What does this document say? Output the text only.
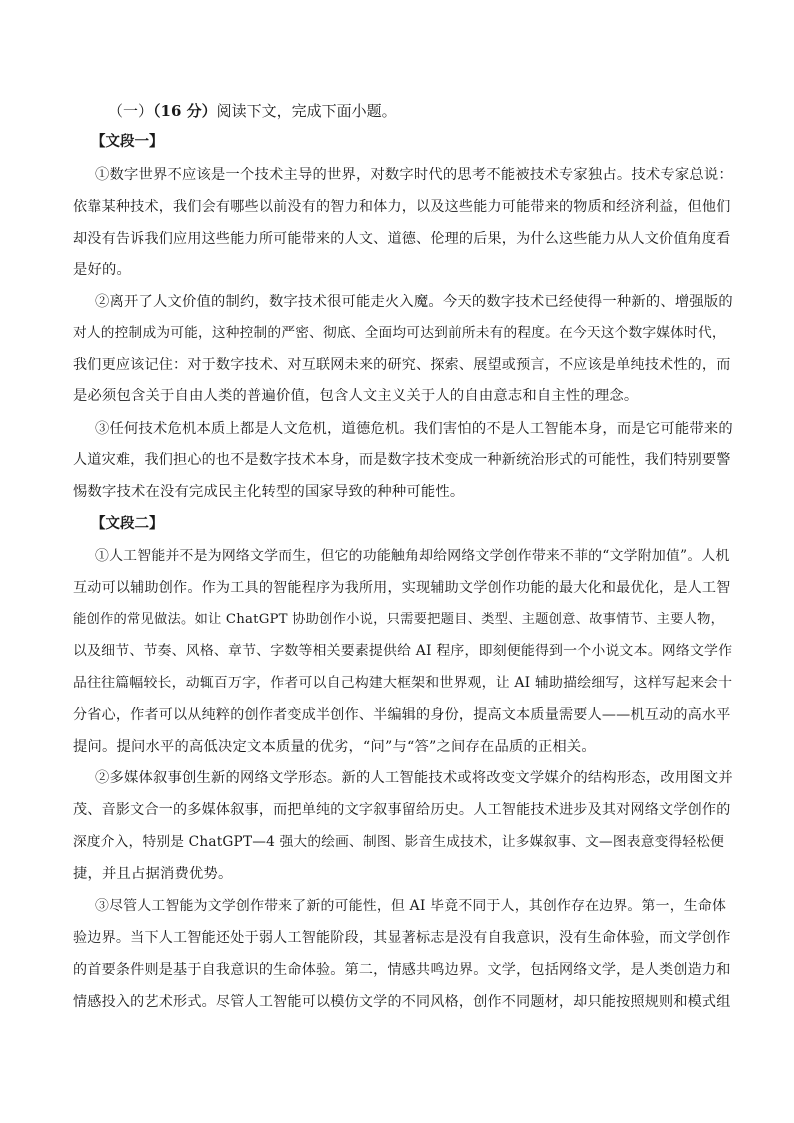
（一）（16 分）阅读下文，完成下面小题。
【文段一】
①数字世界不应该是一个技术主导的世界，对数字时代的思考不能被技术专家独占。技术专家总说：
依靠某种技术，我们会有哪些以前没有的智力和体力，以及这些能力可能带来的物质和经济利益，但他们
却没有告诉我们应用这些能力所可能带来的人文、道德、伦理的后果，为什么这些能力从人文价值角度看
是好的。
②离开了人文价值的制约，数字技术很可能走火入魔。今天的数字技术已经使得一种新的、增强版的
对人的控制成为可能，这种控制的严密、彻底、全面均可达到前所未有的程度。在今天这个数字媒体时代，
我们更应该记住：对于数字技术、对互联网未来的研究、探索、展望或预言，不应该是单纯技术性的，而
是必须包含关于自由人类的普遍价值，包含人文主义关于人的自由意志和自主性的理念。
③任何技术危机本质上都是人文危机，道德危机。我们害怕的不是人工智能本身，而是它可能带来的
人道灾难，我们担心的也不是数字技术本身，而是数字技术变成一种新统治形式的可能性，我们特别要警
惕数字技术在没有完成民主化转型的国家导致的种种可能性。
【文段二】
①人工智能并不是为网络文学而生，但它的功能触角却给网络文学创作带来不菲的“文学附加值”。人机
互动可以辅助创作。作为工具的智能程序为我所用，实现辅助文学创作功能的最大化和最优化，是人工智
能创作的常见做法。如让 ChatGPT 协助创作小说，只需要把题目、类型、主题创意、故事情节、主要人物，
以及细节、节奏、风格、章节、字数等相关要素提供给 AI 程序，即刻便能得到一个小说文本。网络文学作
品往往篇幅较长，动辄百万字，作者可以自己构建大框架和世界观，让 AI 辅助描绘细写，这样写起来会十
分省心，作者可以从纯粹的创作者变成半创作、半编辑的身份，提高文本质量需要人——机互动的高水平
提问。提问水平的高低决定文本质量的优劣，“问”与“答”之间存在品质的正相关。
②多媒体叙事创生新的网络文学形态。新的人工智能技术或将改变文学媒介的结构形态，改用图文并
茂、音影文合一的多媒体叙事，而把单纯的文字叙事留给历史。人工智能技术进步及其对网络文学创作的
深度介入，特别是 ChatGPT—4 强大的绘画、制图、影音生成技术，让多媒叙事、文—图表意变得轻松便
捷，并且占据消费优势。
③尽管人工智能为文学创作带来了新的可能性，但 AI 毕竟不同于人，其创作存在边界。第一，生命体
验边界。当下人工智能还处于弱人工智能阶段，其显著标志是没有自我意识，没有生命体验，而文学创作
的首要条件则是基于自我意识的生命体验。第二，情感共鸣边界。文学，包括网络文学，是人类创造力和
情感投入的艺术形式。尽管人工智能可以模仿文学的不同风格，创作不同题材，却只能按照规则和模式组
